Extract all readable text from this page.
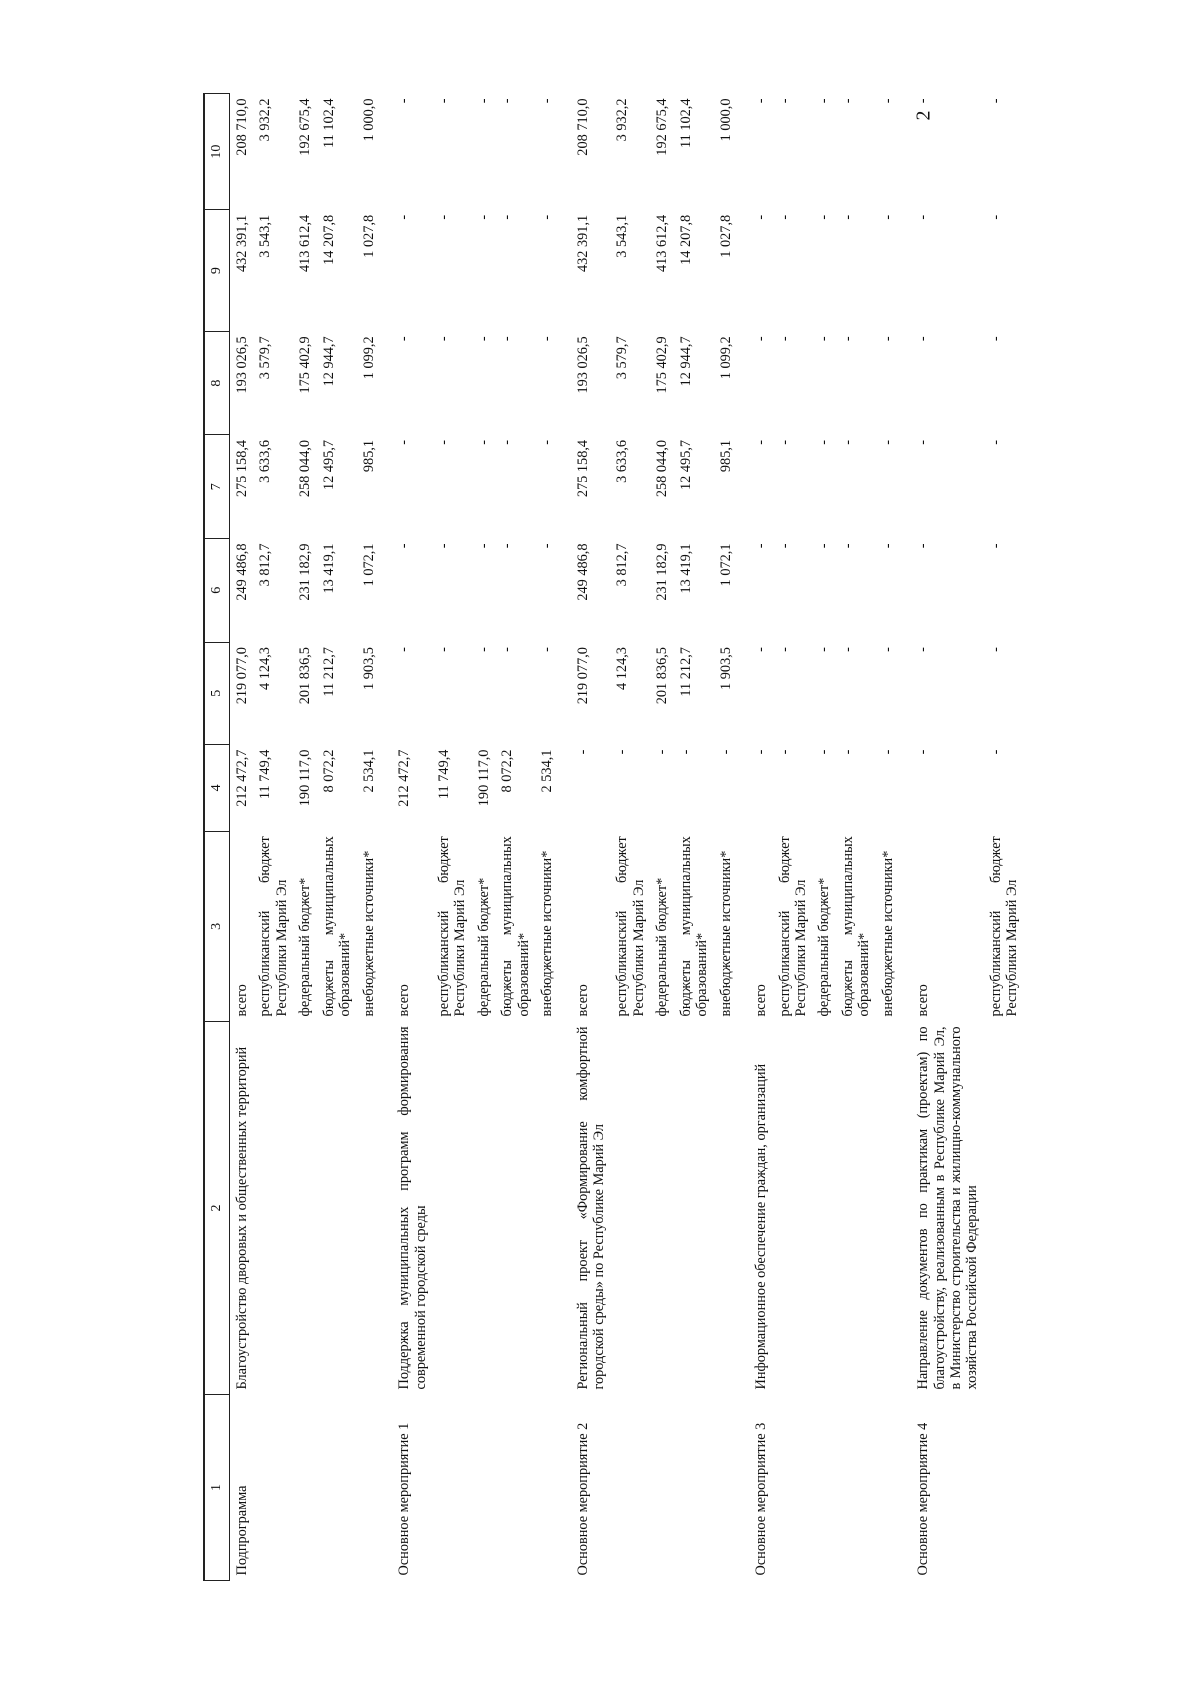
2
1	2	3	4	5	6	7	8	9	10
Подпрограмма	Благоустройство дворовых и общественных территорий	всего	212 472,7	219 077,0	249 486,8	275 158,4	193 026,5	432 391,1	208 710,0
		республиканский бюджет Республики Марий Эл	11 749,4	4 124,3	3 812,7	3 633,6	3 579,7	3 543,1	3 932,2
		федеральный бюджет*	190 117,0	201 836,5	231 182,9	258 044,0	175 402,9	413 612,4	192 675,4
		бюджеты муниципальных образований*	8 072,2	11 212,7	13 419,1	12 495,7	12 944,7	14 207,8	11 102,4
		внебюджетные источники*	2 534,1	1 903,5	1 072,1	985,1	1 099,2	1 027,8	1 000,0
Основное мероприятие 1	Поддержка муниципальных программ формирования современной городской среды	всего	212 472,7	-	-	-	-	-	-
		республиканский бюджет Республики Марий Эл	11 749,4	-	-	-	-	-	-
		федеральный бюджет*	190 117,0	-	-	-	-	-	-
		бюджеты муниципальных образований*	8 072,2	-	-	-	-	-	-
		внебюджетные источники*	2 534,1	-	-	-	-	-	-
Основное мероприятие 2	Региональный проект «Формирование комфортной городской среды» по Республике Марий Эл	всего	-	219 077,0	249 486,8	275 158,4	193 026,5	432 391,1	208 710,0
		республиканский бюджет Республики Марий Эл	-	4 124,3	3 812,7	3 633,6	3 579,7	3 543,1	3 932,2
		федеральный бюджет*	-	201 836,5	231 182,9	258 044,0	175 402,9	413 612,4	192 675,4
		бюджеты муниципальных образований*	-	11 212,7	13 419,1	12 495,7	12 944,7	14 207,8	11 102,4
		внебюджетные источники*	-	1 903,5	1 072,1	985,1	1 099,2	1 027,8	1 000,0
Основное мероприятие 3	Информационное обеспечение граждан, организаций	всего	-	-	-	-	-	-	-
		республиканский бюджет Республики Марий Эл	-	-	-	-	-	-	-
		федеральный бюджет*	-	-	-	-	-	-	-
		бюджеты муниципальных образований*	-	-	-	-	-	-	-
		внебюджетные источники*	-	-	-	-	-	-	-
Основное мероприятие 4	Направление документов по практикам (проектам) по благоустройству, реализованным в Республике Марий Эл, в Министерство строительства и жилищно-коммунального хозяйства Российской Федерации	всего	-	-	-	-	-	-	-
		республиканский бюджет Республики Марий Эл	-	-	-	-	-	-	-
